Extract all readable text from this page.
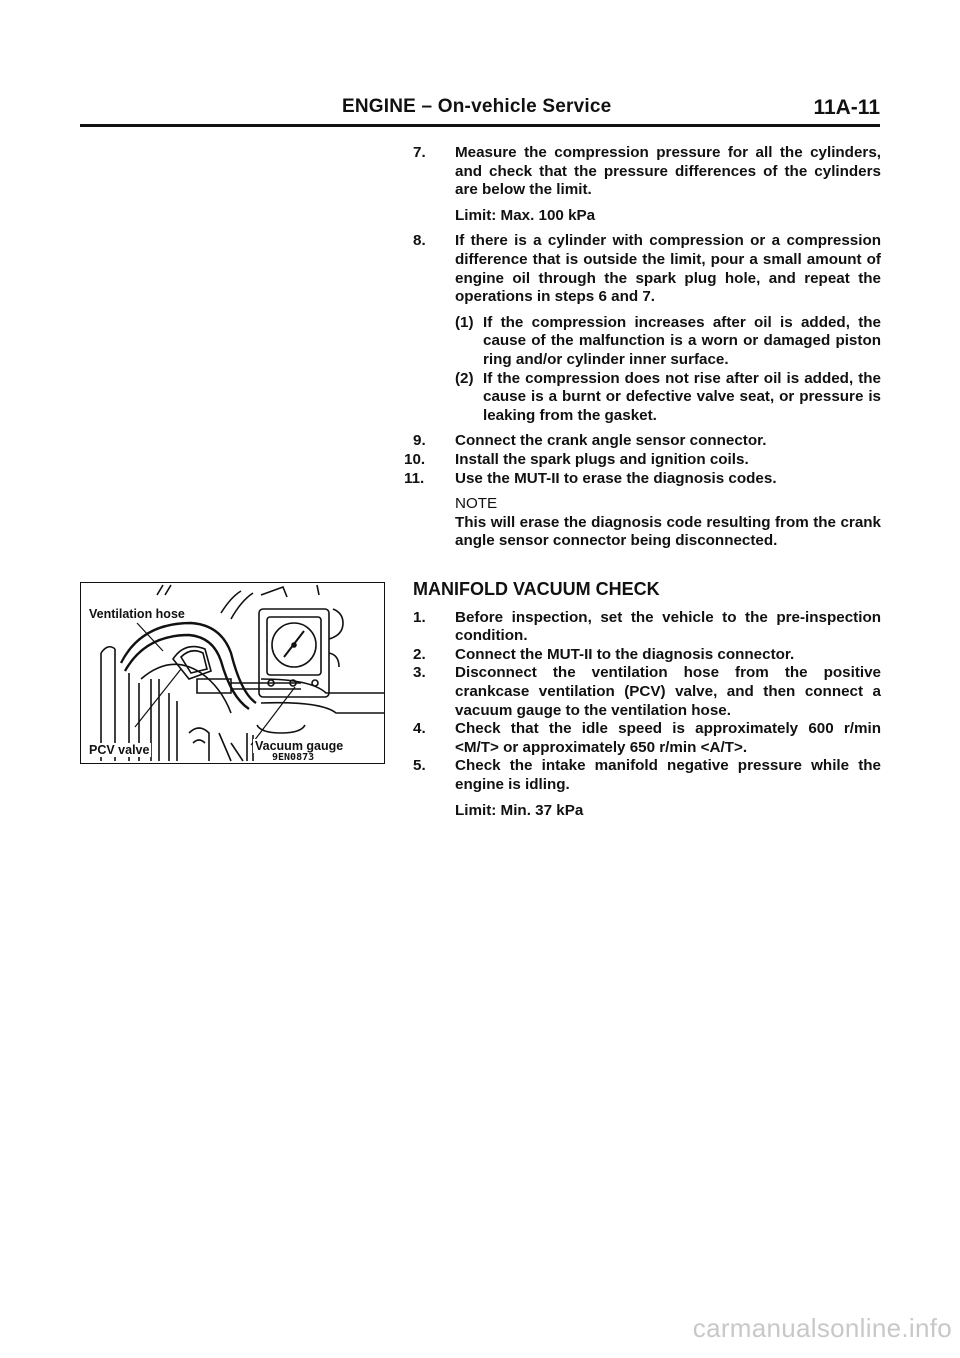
ENGINE – On-vehicle Service	11A-11

7. Measure the compression pressure for all the cylinders, and check that the pressure differences of the cylinders are below the limit.

Limit: Max. 100 kPa

8. If there is a cylinder with compression or a compression difference that is outside the limit, pour a small amount of engine oil through the spark plug hole, and repeat the operations in steps 6 and 7.

(1) If the compression increases after oil is added, the cause of the malfunction is a worn or damaged piston ring and/or cylinder inner surface.

(2) If the compression does not rise after oil is added, the cause is a burnt or defective valve seat, or pressure is leaking from the gasket.

9. Connect the crank angle sensor connector.

10. Install the spark plugs and ignition coils.

11. Use the MUT-II to erase the diagnosis codes.

NOTE

This will erase the diagnosis code resulting from the crank angle sensor connector being disconnected.

MANIFOLD VACUUM CHECK

1. Before inspection, set the vehicle to the pre-inspection condition.

2. Connect the MUT-II to the diagnosis connector.

3. Disconnect the ventilation hose from the positive crankcase ventilation (PCV) valve, and then connect a vacuum gauge to the ventilation hose.

4. Check that the idle speed is approximately 600 r/min <M/T> or approximately 650 r/min <A/T>.

5. Check the intake manifold negative pressure while the engine is idling.

Limit: Min. 37 kPa

Ventilation hose
Vacuum gauge
PCV valve
9EN0873
carmanualsonline.info
